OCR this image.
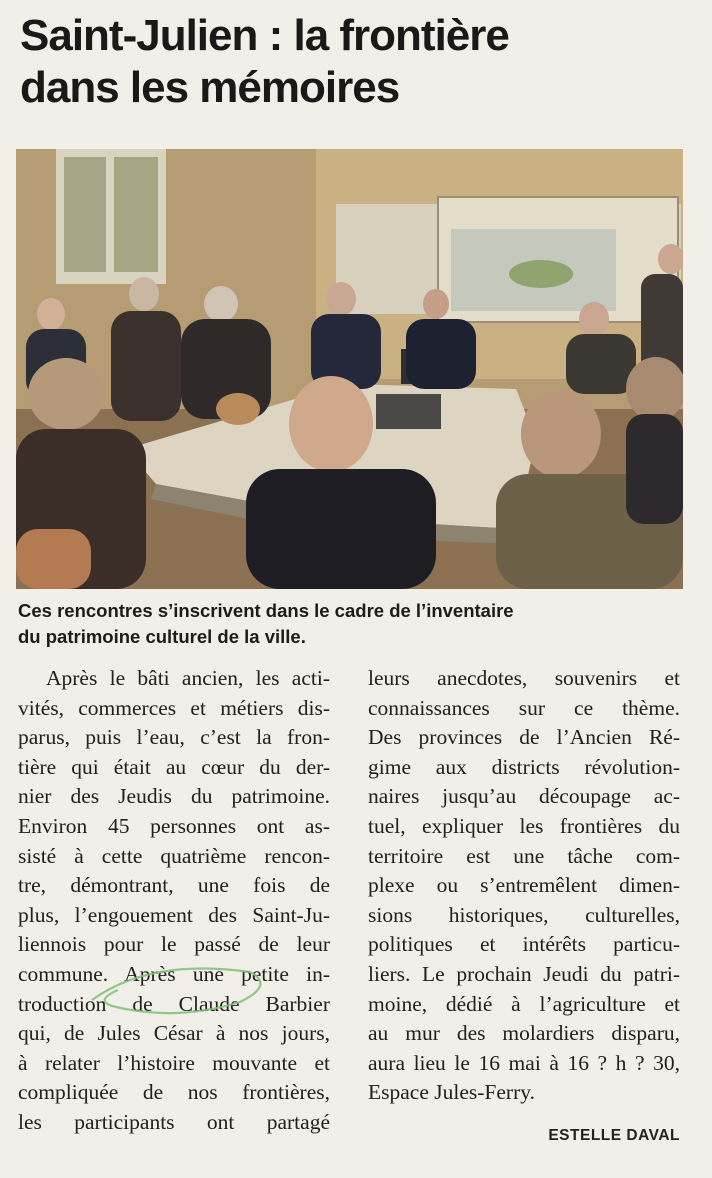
Saint-Julien : la frontière
dans les mémoires
Ces rencontres s’inscrivent dans le cadre de l’inventaire
du patrimoine culturel de la ville.
Après le bâti ancien, les acti-
vités, commerces et métiers dis-
parus, puis l’eau, c’est la fron-
tière qui était au cœur du der-
nier des Jeudis du patrimoine.
Environ 45 personnes ont as-
sisté à cette quatrième rencon-
tre, démontrant, une fois de
plus, l’engouement des Saint-Ju-
liennois pour le passé de leur
commune. Après une petite in-
troduction de Claude Barbier
qui, de Jules César à nos jours,
à relater l’histoire mouvante et
compliquée de nos frontières,
les participants ont partagé
leurs anecdotes, souvenirs et
connaissances sur ce thème.
Des provinces de l’Ancien Ré-
gime aux districts révolution-
naires jusqu’au découpage ac-
tuel, expliquer les frontières du
territoire est une tâche com-
plexe ou s’entremêlent dimen-
sions historiques, culturelles,
politiques et intérêts particu-
liers. Le prochain Jeudi du patri-
moine, dédié à l’agriculture et
au mur des molardiers disparu,
aura lieu le 16 mai à 16 ? h ? 30,
Espace Jules-Ferry.
ESTELLE DAVAL
